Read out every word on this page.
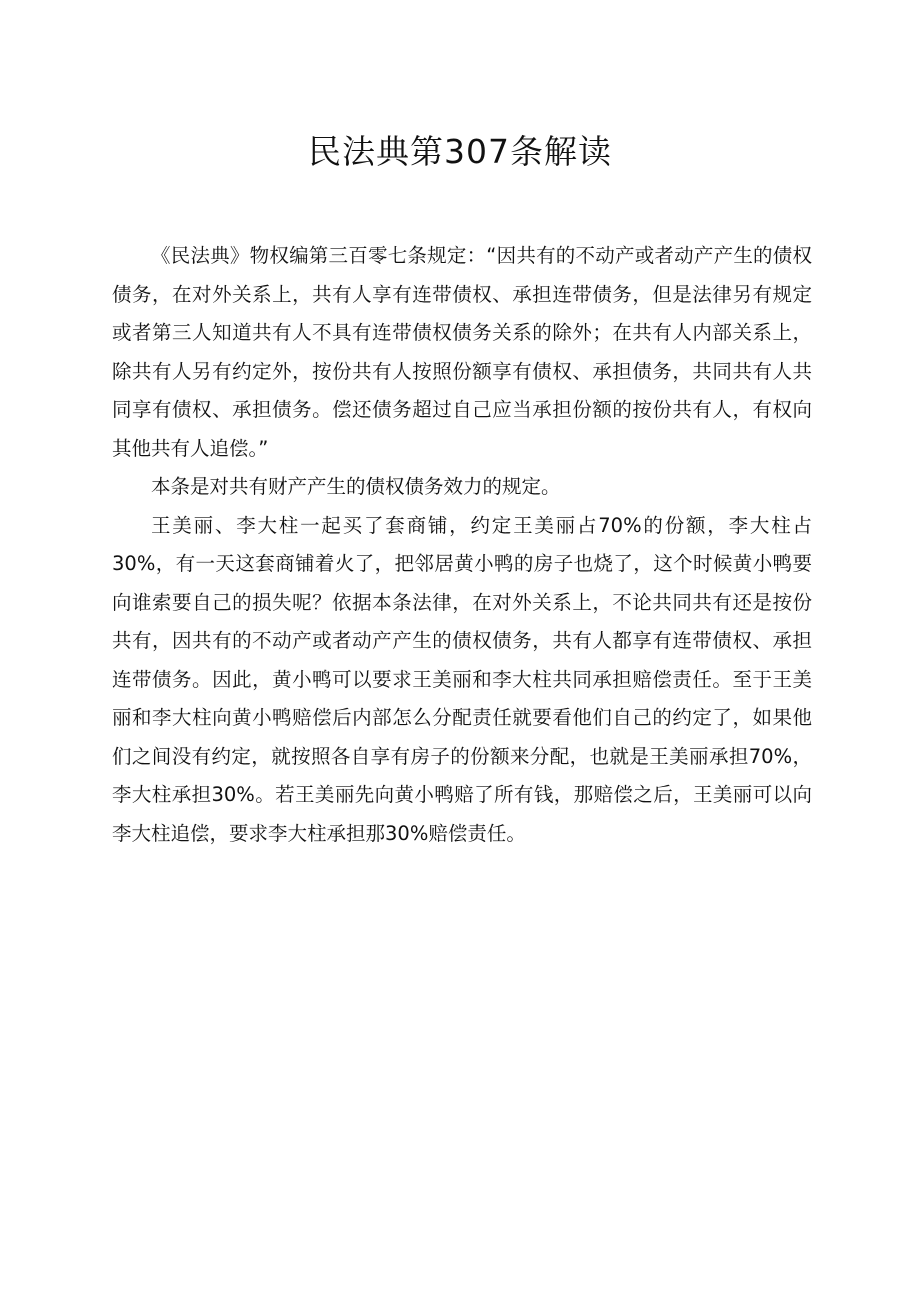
民法典第307条解读

《民法典》物权编第三百零七条规定：“因共有的不动产或者动产产生的债权债务，在对外关系上，共有人享有连带债权、承担连带债务，但是法律另有规定或者第三人知道共有人不具有连带债权债务关系的除外；在共有人内部关系上，除共有人另有约定外，按份共有人按照份额享有债权、承担债务，共同共有人共同享有债权、承担债务。偿还债务超过自己应当承担份额的按份共有人，有权向其他共有人追偿。”

本条是对共有财产产生的债权债务效力的规定。

王美丽、李大柱一起买了套商铺，约定王美丽占70%的份额，李大柱占30%，有一天这套商铺着火了，把邻居黄小鸭的房子也烧了，这个时候黄小鸭要向谁索要自己的损失呢？依据本条法律，在对外关系上，不论共同共有还是按份共有，因共有的不动产或者动产产生的债权债务，共有人都享有连带债权、承担连带债务。因此，黄小鸭可以要求王美丽和李大柱共同承担赔偿责任。至于王美丽和李大柱向黄小鸭赔偿后内部怎么分配责任就要看他们自己的约定了，如果他们之间没有约定，就按照各自享有房子的份额来分配，也就是王美丽承担70%，李大柱承担30%。若王美丽先向黄小鸭赔了所有钱，那赔偿之后，王美丽可以向李大柱追偿，要求李大柱承担那30%赔偿责任。
